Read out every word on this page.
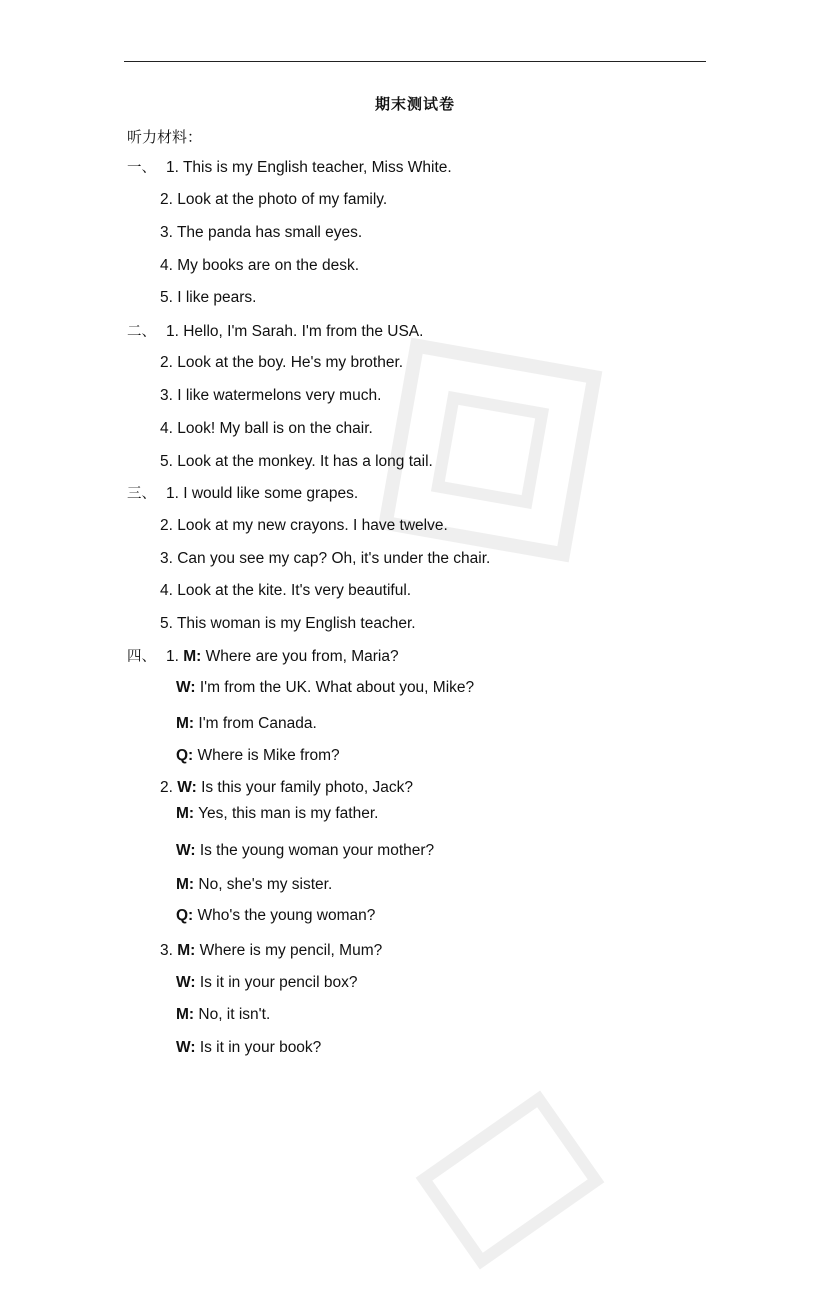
期末测试卷
听力材料：
一、 1. This is my English teacher, Miss White.
2. Look at the photo of my family.
3. The panda has small eyes.
4. My books are on the desk.
5. I like pears.
二、 1. Hello, I'm Sarah. I'm from the USA.
2. Look at the boy. He's my brother.
3. I like watermelons very much.
4. Look! My ball is on the chair.
5. Look at the monkey. It has a long tail.
三、 1. I would like some grapes.
2. Look at my new crayons. I have twelve.
3. Can you see my cap? Oh, it's under the chair.
4. Look at the kite. It's very beautiful.
5. This woman is my English teacher.
四、 1. M: Where are you from, Maria?
W: I'm from the UK. What about you, Mike?
M: I'm from Canada.
Q: Where is Mike from?
2. W: Is this your family photo, Jack?
M: Yes, this man is my father.
W: Is the young woman your mother?
M: No, she's my sister.
Q: Who's the young woman?
3. M: Where is my pencil, Mum?
W: Is it in your pencil box?
M: No, it isn't.
W: Is it in your book?
